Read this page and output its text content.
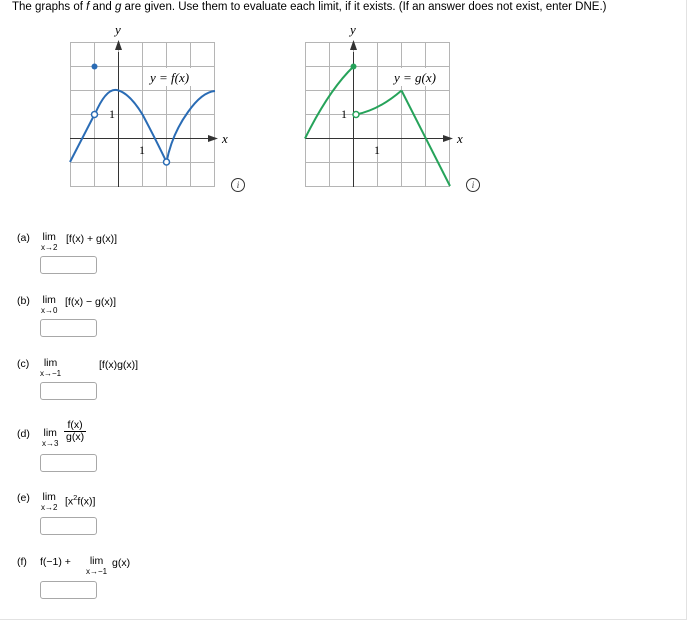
The graphs of f and g are given. Use them to evaluate each limit, if it exists. (If an answer does not exist, enter DNE.)
y
x
1
1
y = f(x)
i
y
x
1
1
y = g(x)
i
(a) lim
x→2
[f(x) + g(x)]
(b) lim
x→0
[f(x) − g(x)]
(c)	lim
x→−1
[f(x)g(x)]
(d) lim
$x\to 3 \frac{f(x)}{g(x)}$
(e) lim
x→2 $[x^2f(x)]$
(f) f(−1) +	lim
x→−1
g(x)
